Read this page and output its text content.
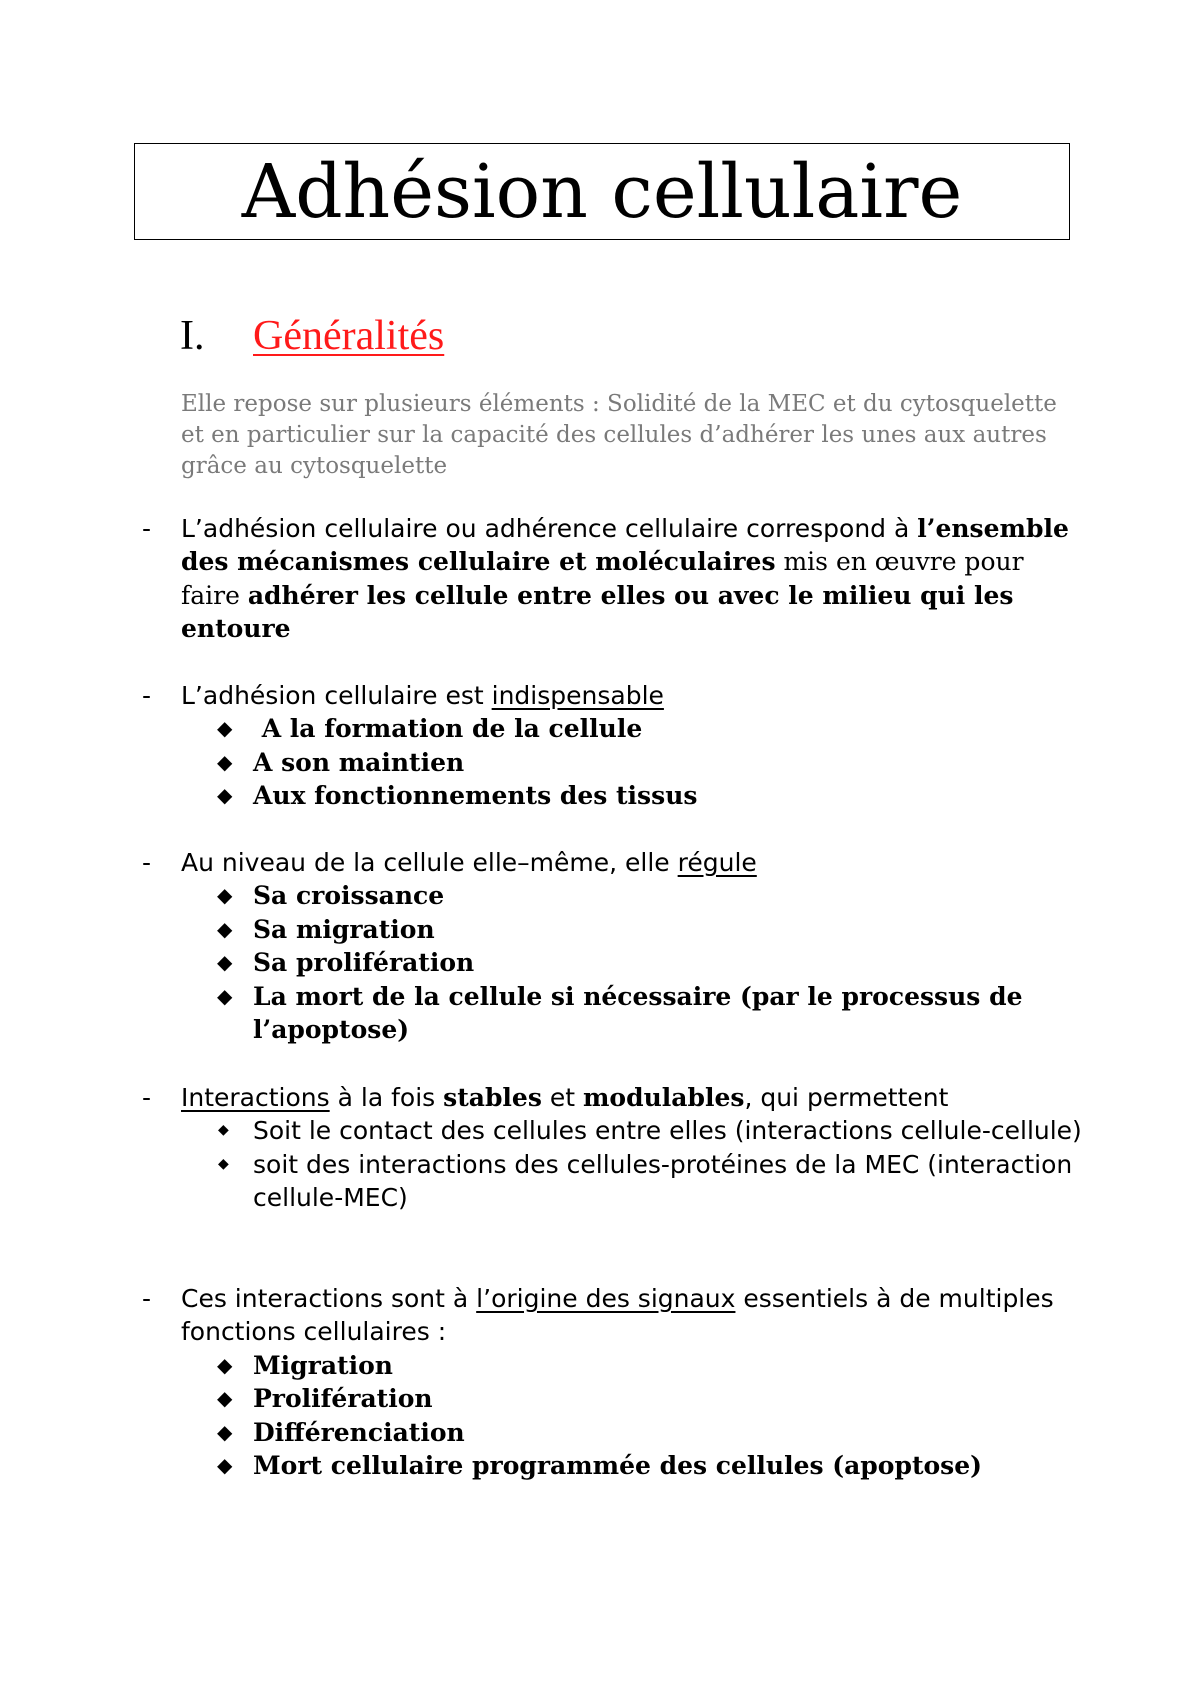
Adhésion cellulaire
I. Généralités
Elle repose sur plusieurs éléments : Solidité de la MEC et du cytosquelette et en particulier sur la capacité des cellules d’adhérer les unes aux autres grâce au cytosquelette
- L’adhésion cellulaire ou adhérence cellulaire correspond à l’ensemble des mécanismes cellulaire et moléculaires mis en œuvre pour faire adhérer les cellule entre elles ou avec le milieu qui les entoure
- L’adhésion cellulaire est indispensable
◆ A la formation de la cellule
◆ A son maintien
◆ Aux fonctionnements des tissus
- Au niveau de la cellule elle–même, elle régule
◆ Sa croissance
◆ Sa migration
◆ Sa prolifération
◆ La mort de la cellule si nécessaire (par le processus de l’apoptose)
- Interactions à la fois stables et modulables, qui permettent
◆ Soit le contact des cellules entre elles (interactions cellule-cellule)
◆ soit des interactions des cellules-protéines de la MEC (interaction cellule-MEC)
- Ces interactions sont à l’origine des signaux essentiels à de multiples fonctions cellulaires :
◆ Migration
◆ Prolifération
◆ Différenciation
◆ Mort cellulaire programmée des cellules (apoptose)
